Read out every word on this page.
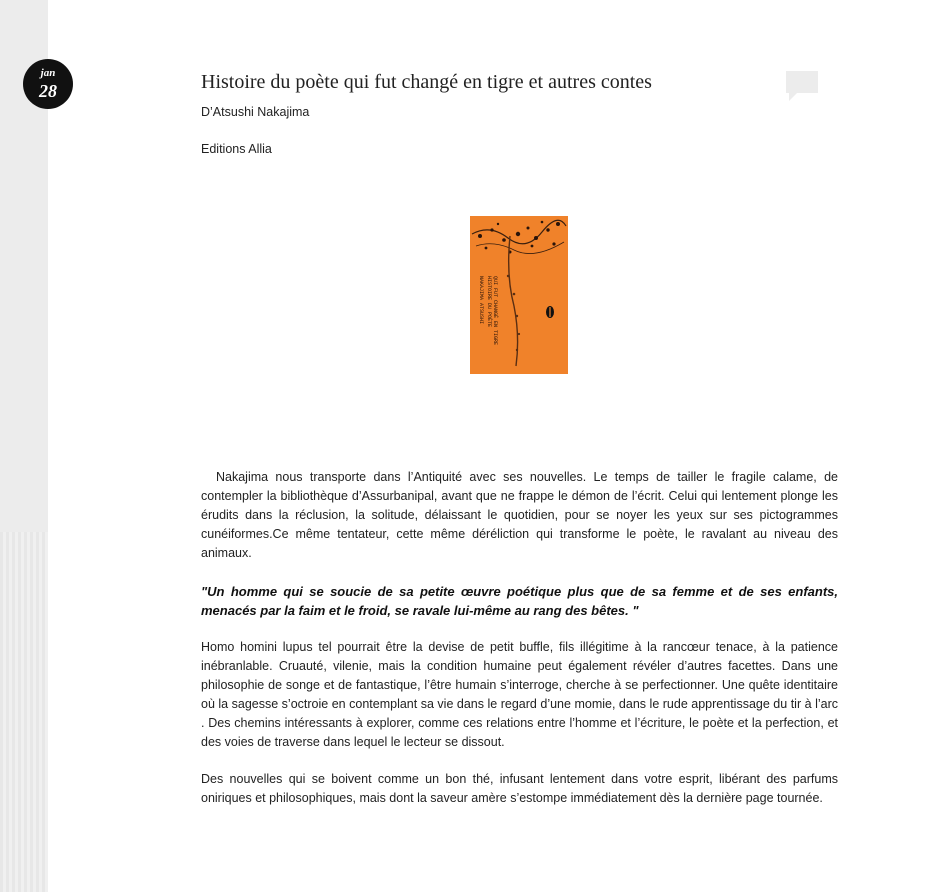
jan
28	Histoire du poète qui fut changé en tigre et autres contes

D’Atsushi Nakajima

Editions Allia

NAKAJIMA ATSUSHI HISTOIRE DU POÈTE QUI FUT CHANGÉ EN TIGRE

Nakajima nous transporte dans l’Antiquité avec ses nouvelles. Le temps de tailler le fragile calame, de contempler la bibliothèque d’Assurbanipal, avant que ne frappe le démon de l’écrit. Celui qui lentement plonge les érudits dans la réclusion, la solitude, délaissant le quotidien, pour se noyer les yeux sur ses pictogrammes cunéiformes.Ce même tentateur, cette même déréliction qui transforme le poète, le ravalant au niveau des animaux.

"Un homme qui se soucie de sa petite œuvre poétique plus que de sa femme et de ses enfants, menacés par la faim et le froid, se ravale lui-même au rang des bêtes. "

Homo homini lupus tel pourrait être la devise de petit buffle, fils illégitime à la rancœur tenace, à la patience inébranlable. Cruauté, vilenie, mais la condition humaine peut également révéler d’autres facettes. Dans une philosophie de songe et de fantastique, l’être humain s’interroge, cherche à se perfectionner. Une quête identitaire où la sagesse s’octroie en contemplant sa vie dans le regard d’une momie, dans le rude apprentissage du tir à l’arc . Des chemins intéressants à explorer, comme ces relations entre l’homme et l’écriture, le poète et la perfection, et des voies de traverse dans lequel le lecteur se dissout.

Des nouvelles qui se boivent comme un bon thé, infusant lentement dans votre esprit, libérant des parfums oniriques et philosophiques, mais dont la saveur amère s’estompe immédiatement dès la dernière page tournée.
